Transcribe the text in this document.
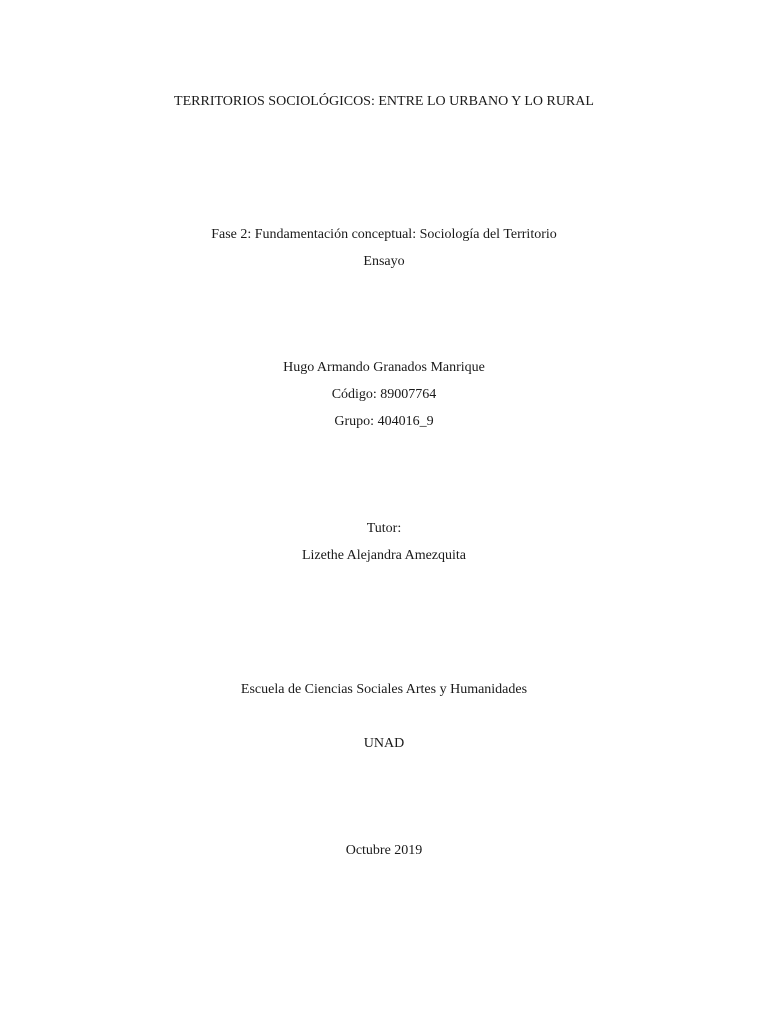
TERRITORIOS SOCIOLÓGICOS: ENTRE LO URBANO Y LO RURAL
Fase 2: Fundamentación conceptual: Sociología del Territorio
Ensayo
Hugo Armando Granados Manrique
Código: 89007764
Grupo: 404016_9
Tutor:
Lizethe Alejandra Amezquita
Escuela de Ciencias Sociales Artes y Humanidades
UNAD
Octubre 2019
